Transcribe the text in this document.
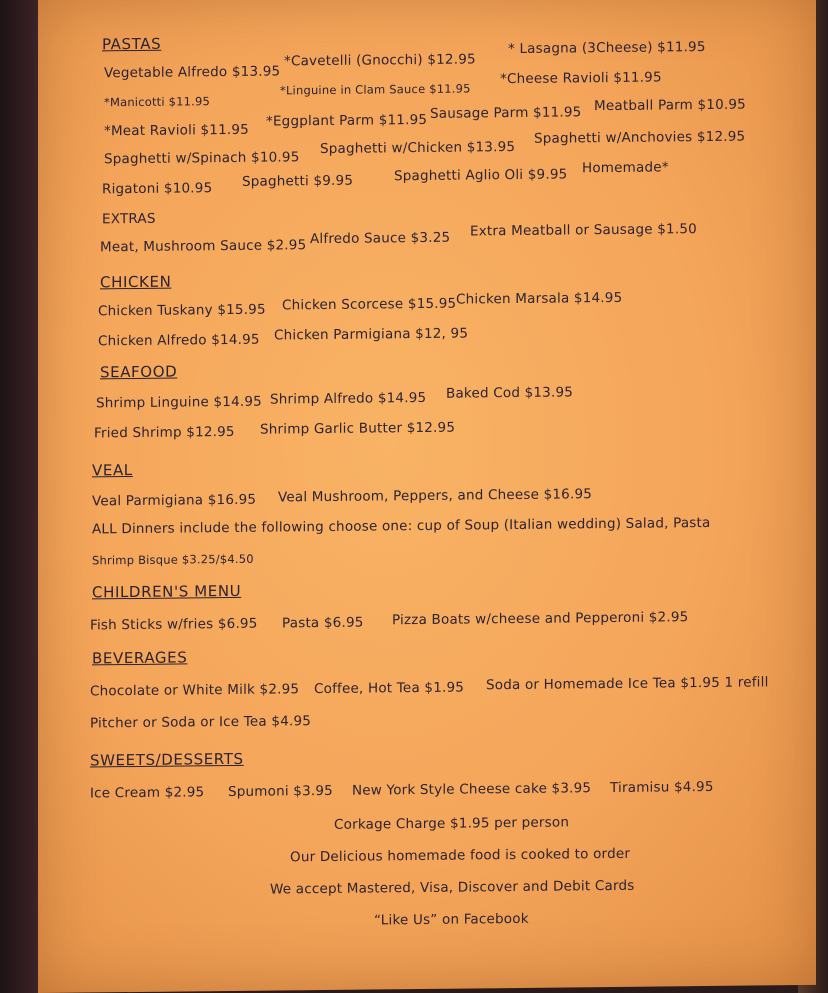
PASTAS
Vegetable Alfredo $13.95
*Cavetelli (Gnocchi) $12.95
* Lasagna (3Cheese) $11.95
*Manicotti $11.95
*Linguine in Clam Sauce $11.95
*Cheese Ravioli $11.95
*Meat Ravioli $11.95
*Eggplant Parm $11.95 Sausage Parm $11.95 Meatball Parm $10.95
Spaghetti w/Spinach $10.95
Spaghetti w/Chicken $13.95
Spaghetti w/Anchovies $12.95
Rigatoni $10.95 Spaghetti $9.95	Spaghetti Aglio Oli $9.95 Homemade*
EXTRAS
Meat, Mushroom Sauce $2.95 Alfredo Sauce $3.25 Extra Meatball or Sausage $1.50
CHICKEN
Chicken Tuskany $15.95 Chicken Scorcese $15.95 Chicken Marsala $14.95
Chicken Alfredo $14.95 Chicken Parmigiana $12, 95
SEAFOOD
Shrimp Linguine $14.95 Shrimp Alfredo $14.95 Baked Cod $13.95
Fried Shrimp $12.95 Shrimp Garlic Butter $12.95
VEAL
Veal Parmigiana $16.95 Veal Mushroom, Peppers, and Cheese $16.95
ALL Dinners include the following choose one: cup of Soup (Italian wedding) Salad, Pasta
Shrimp Bisque $3.25/$4.50
CHILDREN'S MENU
Fish Sticks w/fries $6.95 Pasta $6.95 Pizza Boats w/cheese and Pepperoni $2.95
BEVERAGES
Chocolate or White Milk $2.95 Coffee, Hot Tea $1.95 Soda or Homemade Ice Tea $1.95 1 refill
Pitcher or Soda or Ice Tea $4.95
SWEETS/DESSERTS
Ice Cream $2.95 Spumoni $3.95 New York Style Cheese cake $3.95 Tiramisu $4.95
Corkage Charge $1.95 per person
Our Delicious homemade food is cooked to order
We accept Mastered, Visa, Discover and Debit Cards
“Like Us” on Facebook
